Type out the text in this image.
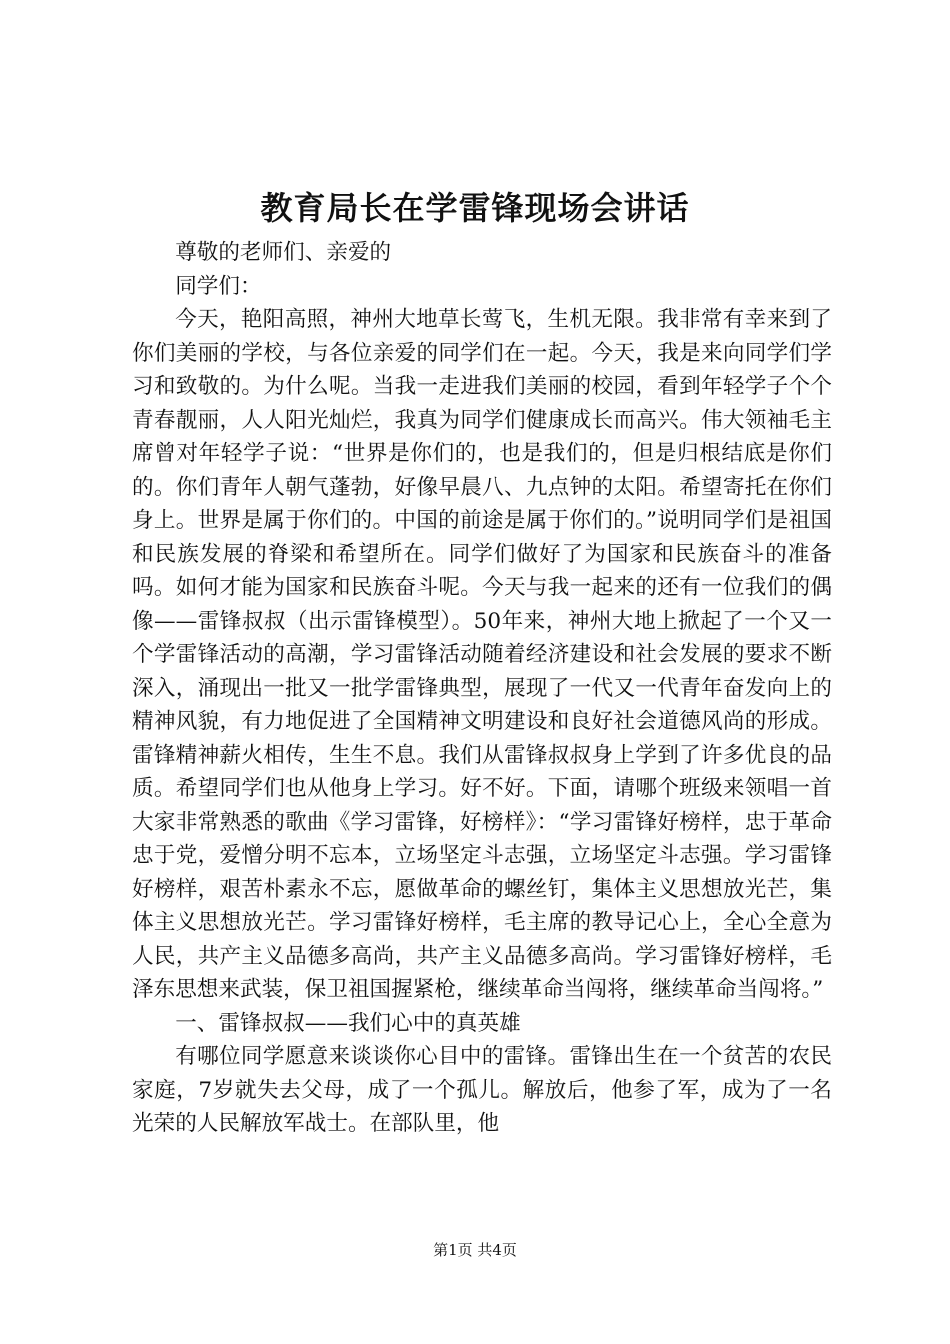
教育局长在学雷锋现场会讲话

尊敬的老师们、亲爱的

同学们：

今天，艳阳高照，神州大地草长莺飞，生机无限。我非常有幸来到了你们美丽的学校，与各位亲爱的同学们在一起。今天，我是来向同学们学习和致敬的。为什么呢。当我一走进我们美丽的校园，看到年轻学子个个青春靓丽，人人阳光灿烂，我真为同学们健康成长而高兴。伟大领袖毛主席曾对年轻学子说：“世界是你们的，也是我们的，但是归根结底是你们的。你们青年人朝气蓬勃，好像早晨八、九点钟的太阳。希望寄托在你们身上。世界是属于你们的。中国的前途是属于你们的。”说明同学们是祖国和民族发展的脊梁和希望所在。同学们做好了为国家和民族奋斗的准备吗。如何才能为国家和民族奋斗呢。今天与我一起来的还有一位我们的偶像——雷锋叔叔（出示雷锋模型）。50年来，神州大地上掀起了一个又一个学雷锋活动的高潮，学习雷锋活动随着经济建设和社会发展的要求不断深入，涌现出一批又一批学雷锋典型，展现了一代又一代青年奋发向上的精神风貌，有力地促进了全国精神文明建设和良好社会道德风尚的形成。雷锋精神薪火相传，生生不息。我们从雷锋叔叔身上学到了许多优良的品质。希望同学们也从他身上学习。好不好。下面，请哪个班级来领唱一首大家非常熟悉的歌曲《学习雷锋，好榜样》：“学习雷锋好榜样，忠于革命忠于党，爱憎分明不忘本，立场坚定斗志强，立场坚定斗志强。学习雷锋好榜样，艰苦朴素永不忘，愿做革命的螺丝钉，集体主义思想放光芒，集体主义思想放光芒。学习雷锋好榜样，毛主席的教导记心上，全心全意为人民，共产主义品德多高尚，共产主义品德多高尚。学习雷锋好榜样，毛泽东思想来武装，保卫祖国握紧枪，继续革命当闯将，继续革命当闯将。”

一、雷锋叔叔——我们心中的真英雄

有哪位同学愿意来谈谈你心目中的雷锋。雷锋出生在一个贫苦的农民家庭，7岁就失去父母，成了一个孤儿。解放后，他参了军，成为了一名光荣的人民解放军战士。在部队里，他

第1页 共4页
